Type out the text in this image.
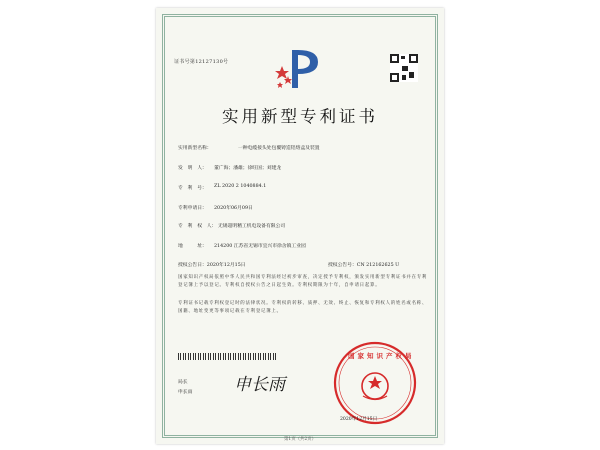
证书号第12127130号
实用新型专利证书
实用新型名称：	一种电缆接头处包覆铸造铝熔盒及装置
发　明　人： 董广海；潘雄；徐旺国；刘建龙
专　利　号： ZL 2020 2 1040884.1
专利申请日： 2020年06月09日
专　利　权　人： 无锡超明精工机电设备有限公司
地　　　址： 214200 江苏省无锡市宜兴市徐舍镇工业园
授权公告日：2020年12月15日	授权公告号：CN 212162625 U
国家知识产权局依照中华人民共和国专利法经过初步审查，决定授予专利权，颁发实用新型专利证书并在专利登记簿上予以登记。专利权自授权公告之日起生效。专利权期限为十年，自申请日起算。
专利证书记载专利权登记时的法律状况。专利权的转移、质押、无效、终止、恢复和专利权人的姓名或名称、国籍、地址变更等事项记载在专利登记簿上。
局长
申长雨 申长雨
国家知识产权局
2020年12月15日
第1页（共2页）
